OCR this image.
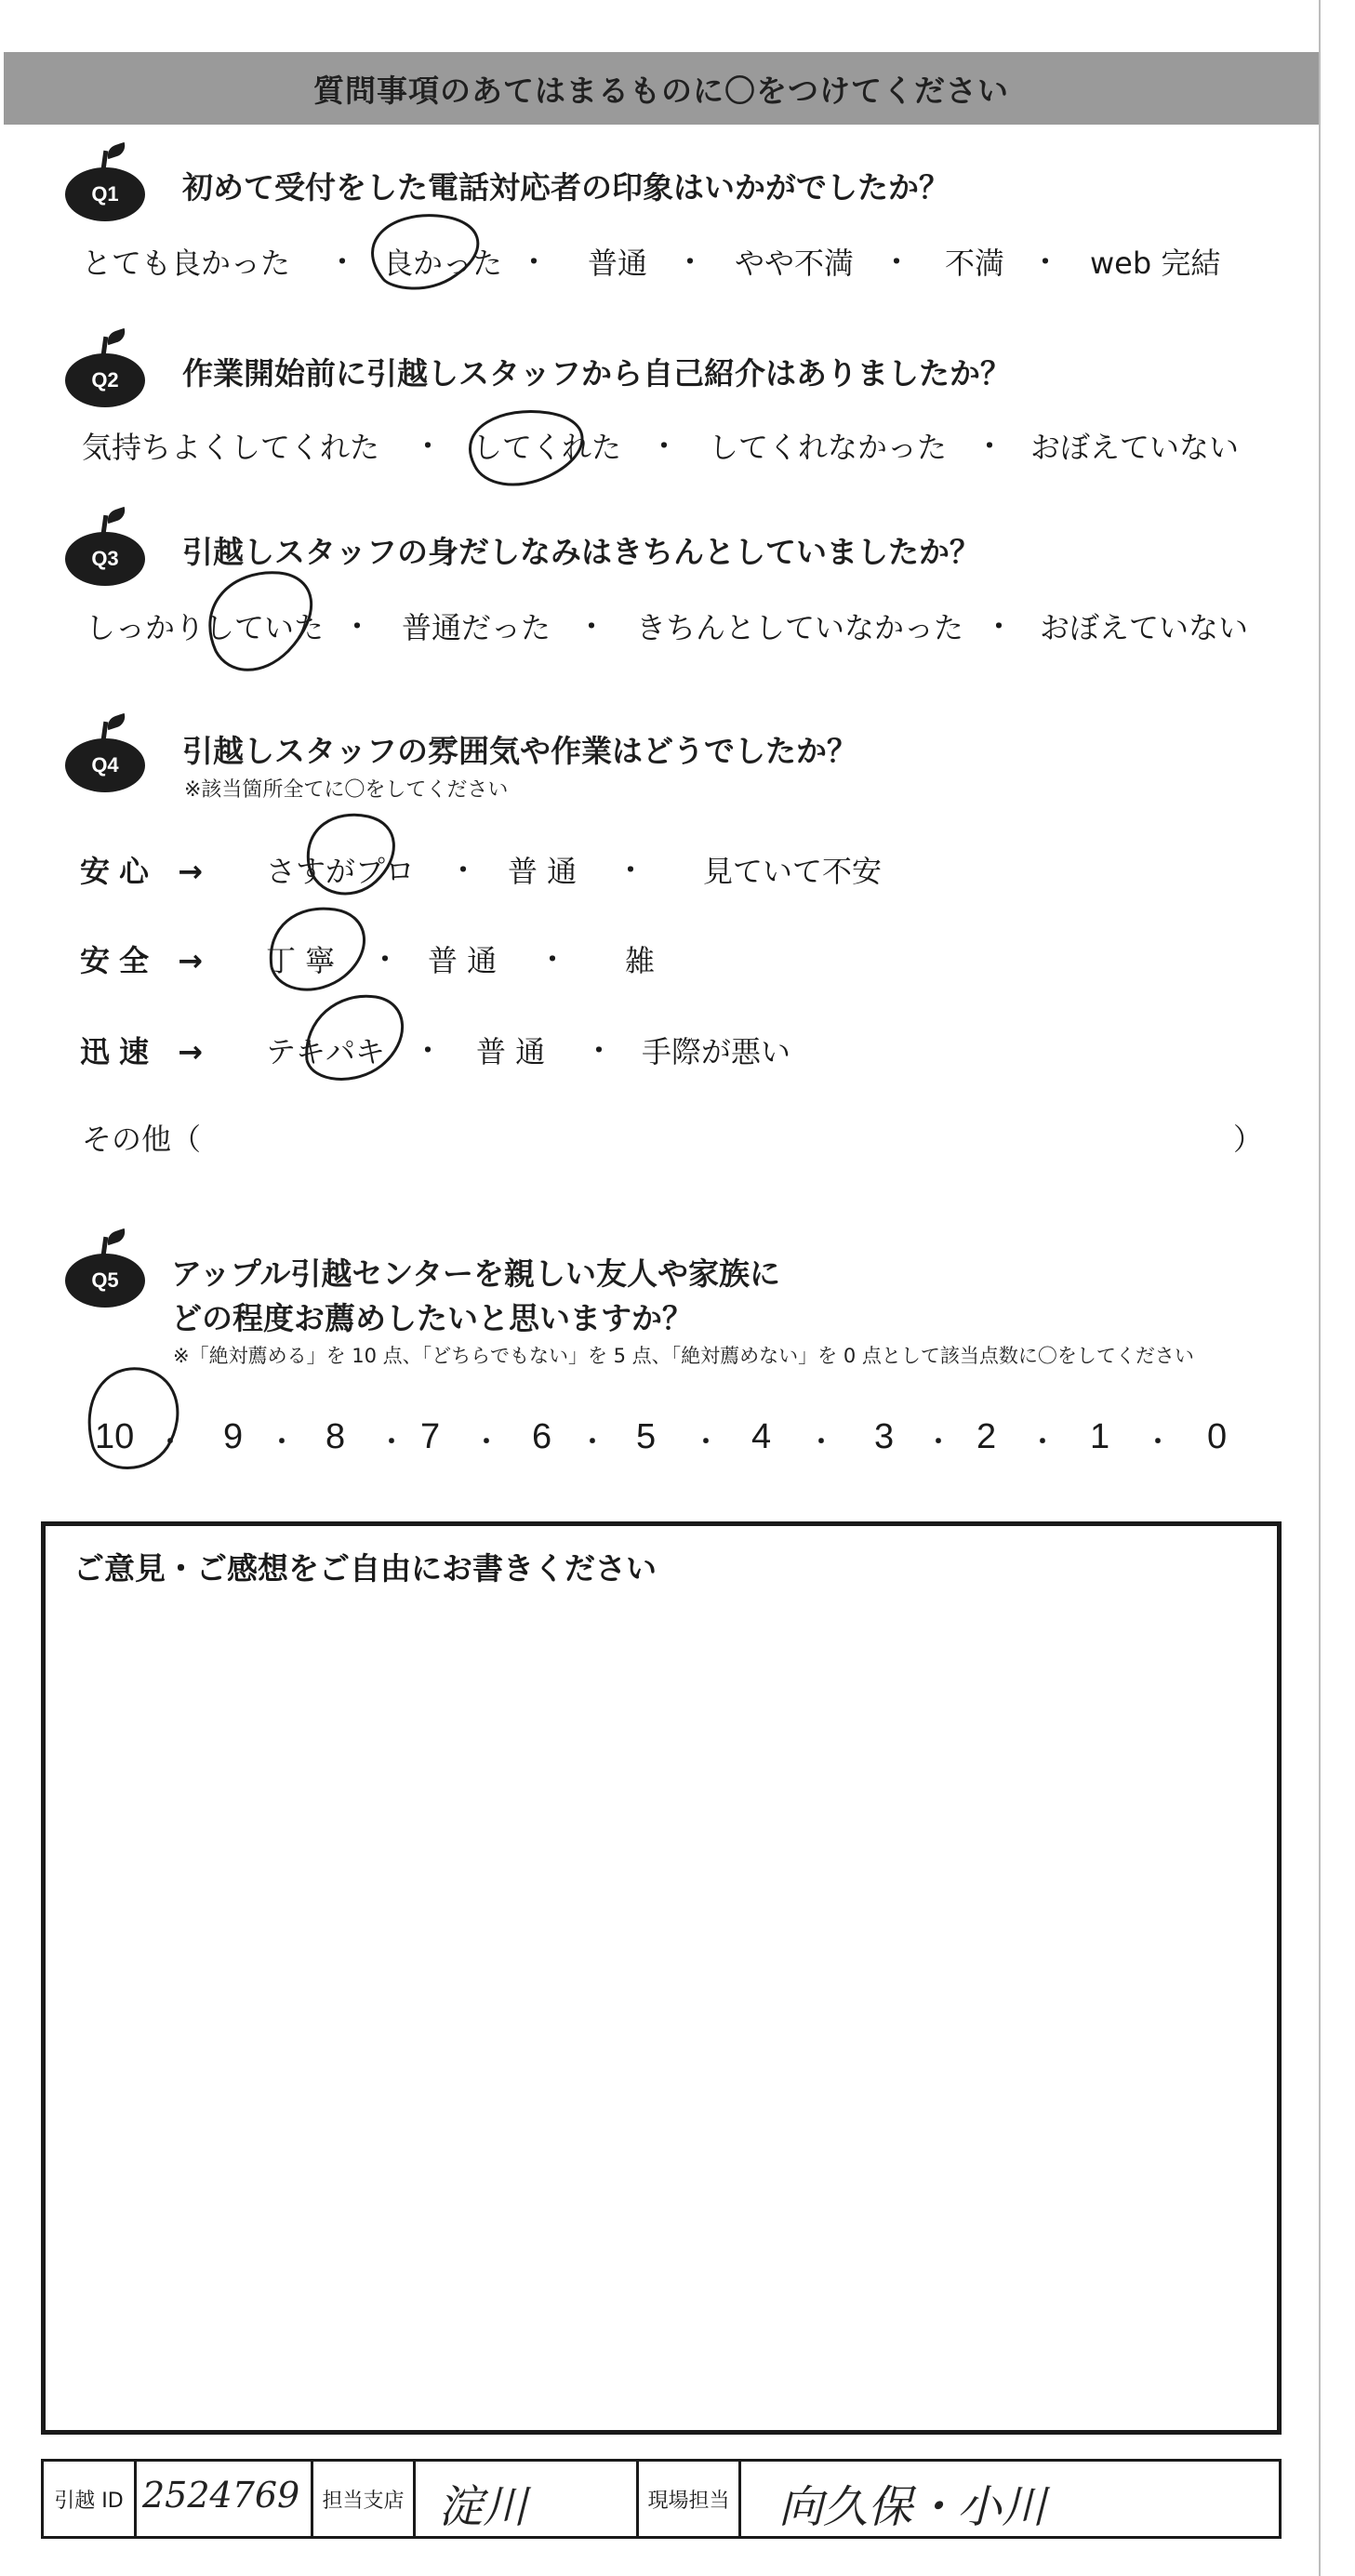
質問事項のあてはまるものに〇をつけてください
Q1	初めて受付をした電話対応者の印象はいかがでしたか？
とても良かった ・ 良かった ・ 普通 ・ やや不満 ・ 不満 ・ web 完結
Q2	作業開始前に引越しスタッフから自己紹介はありましたか？
気持ちよくしてくれた ・ してくれた ・ してくれなかった ・ おぼえていない
Q3	引越しスタッフの身だしなみはきちんとしていましたか？
しっかりしていた ・ 普通だった ・ きちんとしていなかった ・ おぼえていない
Q4	引越しスタッフの雰囲気や作業はどうでしたか？
※該当箇所全てに〇をしてください
安心 → さすがプロ ・ 普 通 ・ 見ていて不安
安全 → 丁 寧 ・ 普 通 ・ 雑
迅速 → テキパキ ・ 普 通 ・ 手際が悪い
その他（	）
Q5	アップル引越センターを親しい友人や家族に
どの程度お薦めしたいと思いますか？
※「絶対薦める」を 10 点、「どちらでもない」を 5 点、「絶対薦めない」を 0 点として該当点数に〇をしてください
10 ・ 9 ・ 8 ・ 7 ・ 6 ・ 5 ・ 4 ・ 3 ・ 2 ・ 1 ・ 0
ご意見・ご感想をご自由にお書きください
引越 ID 2524769	担当支店 淀川	現場担当 向久保・小川
